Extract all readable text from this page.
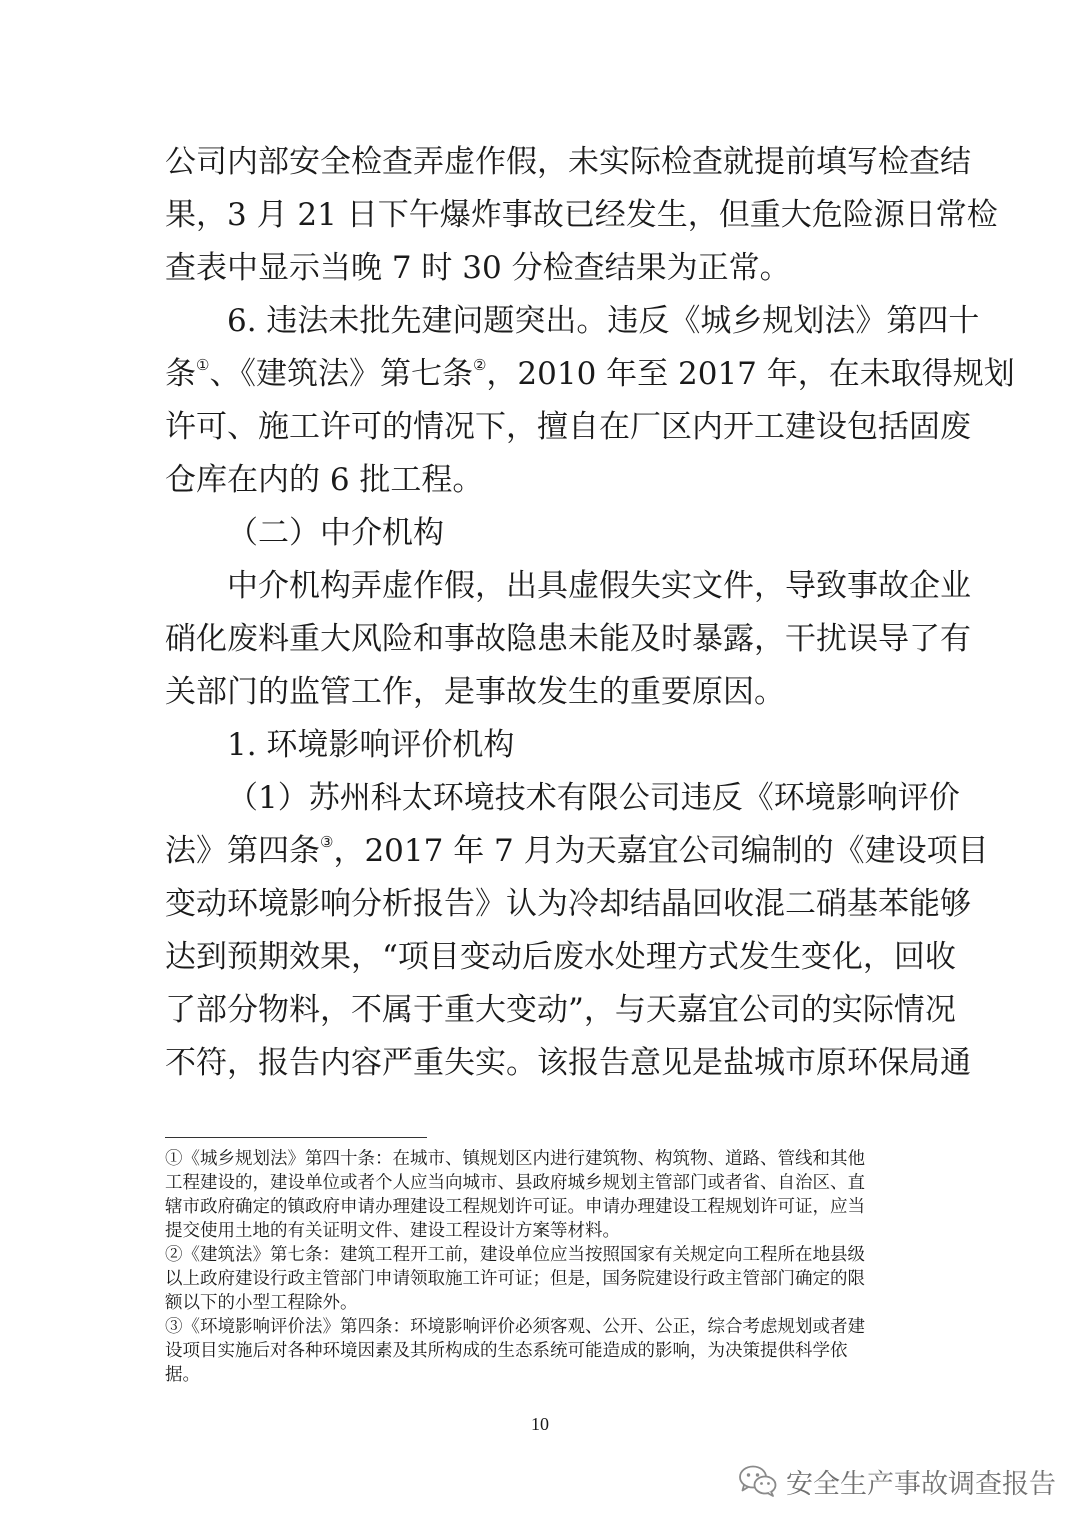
公司内部安全检查弄虚作假，未实际检查就提前填写检查结
果，3 月 21 日下午爆炸事故已经发生，但重大危险源日常检
查表中显示当晚 7 时 30 分检查结果为正常。
6. 违法未批先建问题突出。违反《城乡规划法》第四十
条①、《建筑法》第七条②，2010 年至 2017 年，在未取得规划
许可、施工许可的情况下，擅自在厂区内开工建设包括固废
仓库在内的 6 批工程。
（二）中介机构
中介机构弄虚作假，出具虚假失实文件，导致事故企业
硝化废料重大风险和事故隐患未能及时暴露，干扰误导了有
关部门的监管工作，是事故发生的重要原因。
1. 环境影响评价机构
（1）苏州科太环境技术有限公司违反《环境影响评价
法》第四条③，2017 年 7 月为天嘉宜公司编制的《建设项目
变动环境影响分析报告》认为冷却结晶回收混二硝基苯能够
达到预期效果，“项目变动后废水处理方式发生变化，回收
了部分物料，不属于重大变动”，与天嘉宜公司的实际情况
不符，报告内容严重失实。该报告意见是盐城市原环保局通
①《城乡规划法》第四十条：在城市、镇规划区内进行建筑物、构筑物、道路、管线和其他
工程建设的，建设单位或者个人应当向城市、县政府城乡规划主管部门或者省、自治区、直
辖市政府确定的镇政府申请办理建设工程规划许可证。申请办理建设工程规划许可证，应当
提交使用土地的有关证明文件、建设工程设计方案等材料。
②《建筑法》第七条：建筑工程开工前，建设单位应当按照国家有关规定向工程所在地县级
以上政府建设行政主管部门申请领取施工许可证；但是，国务院建设行政主管部门确定的限
额以下的小型工程除外。
③《环境影响评价法》第四条：环境影响评价必须客观、公开、公正，综合考虑规划或者建
设项目实施后对各种环境因素及其所构成的生态系统可能造成的影响，为决策提供科学依
据。
10
安全生产事故调查报告
